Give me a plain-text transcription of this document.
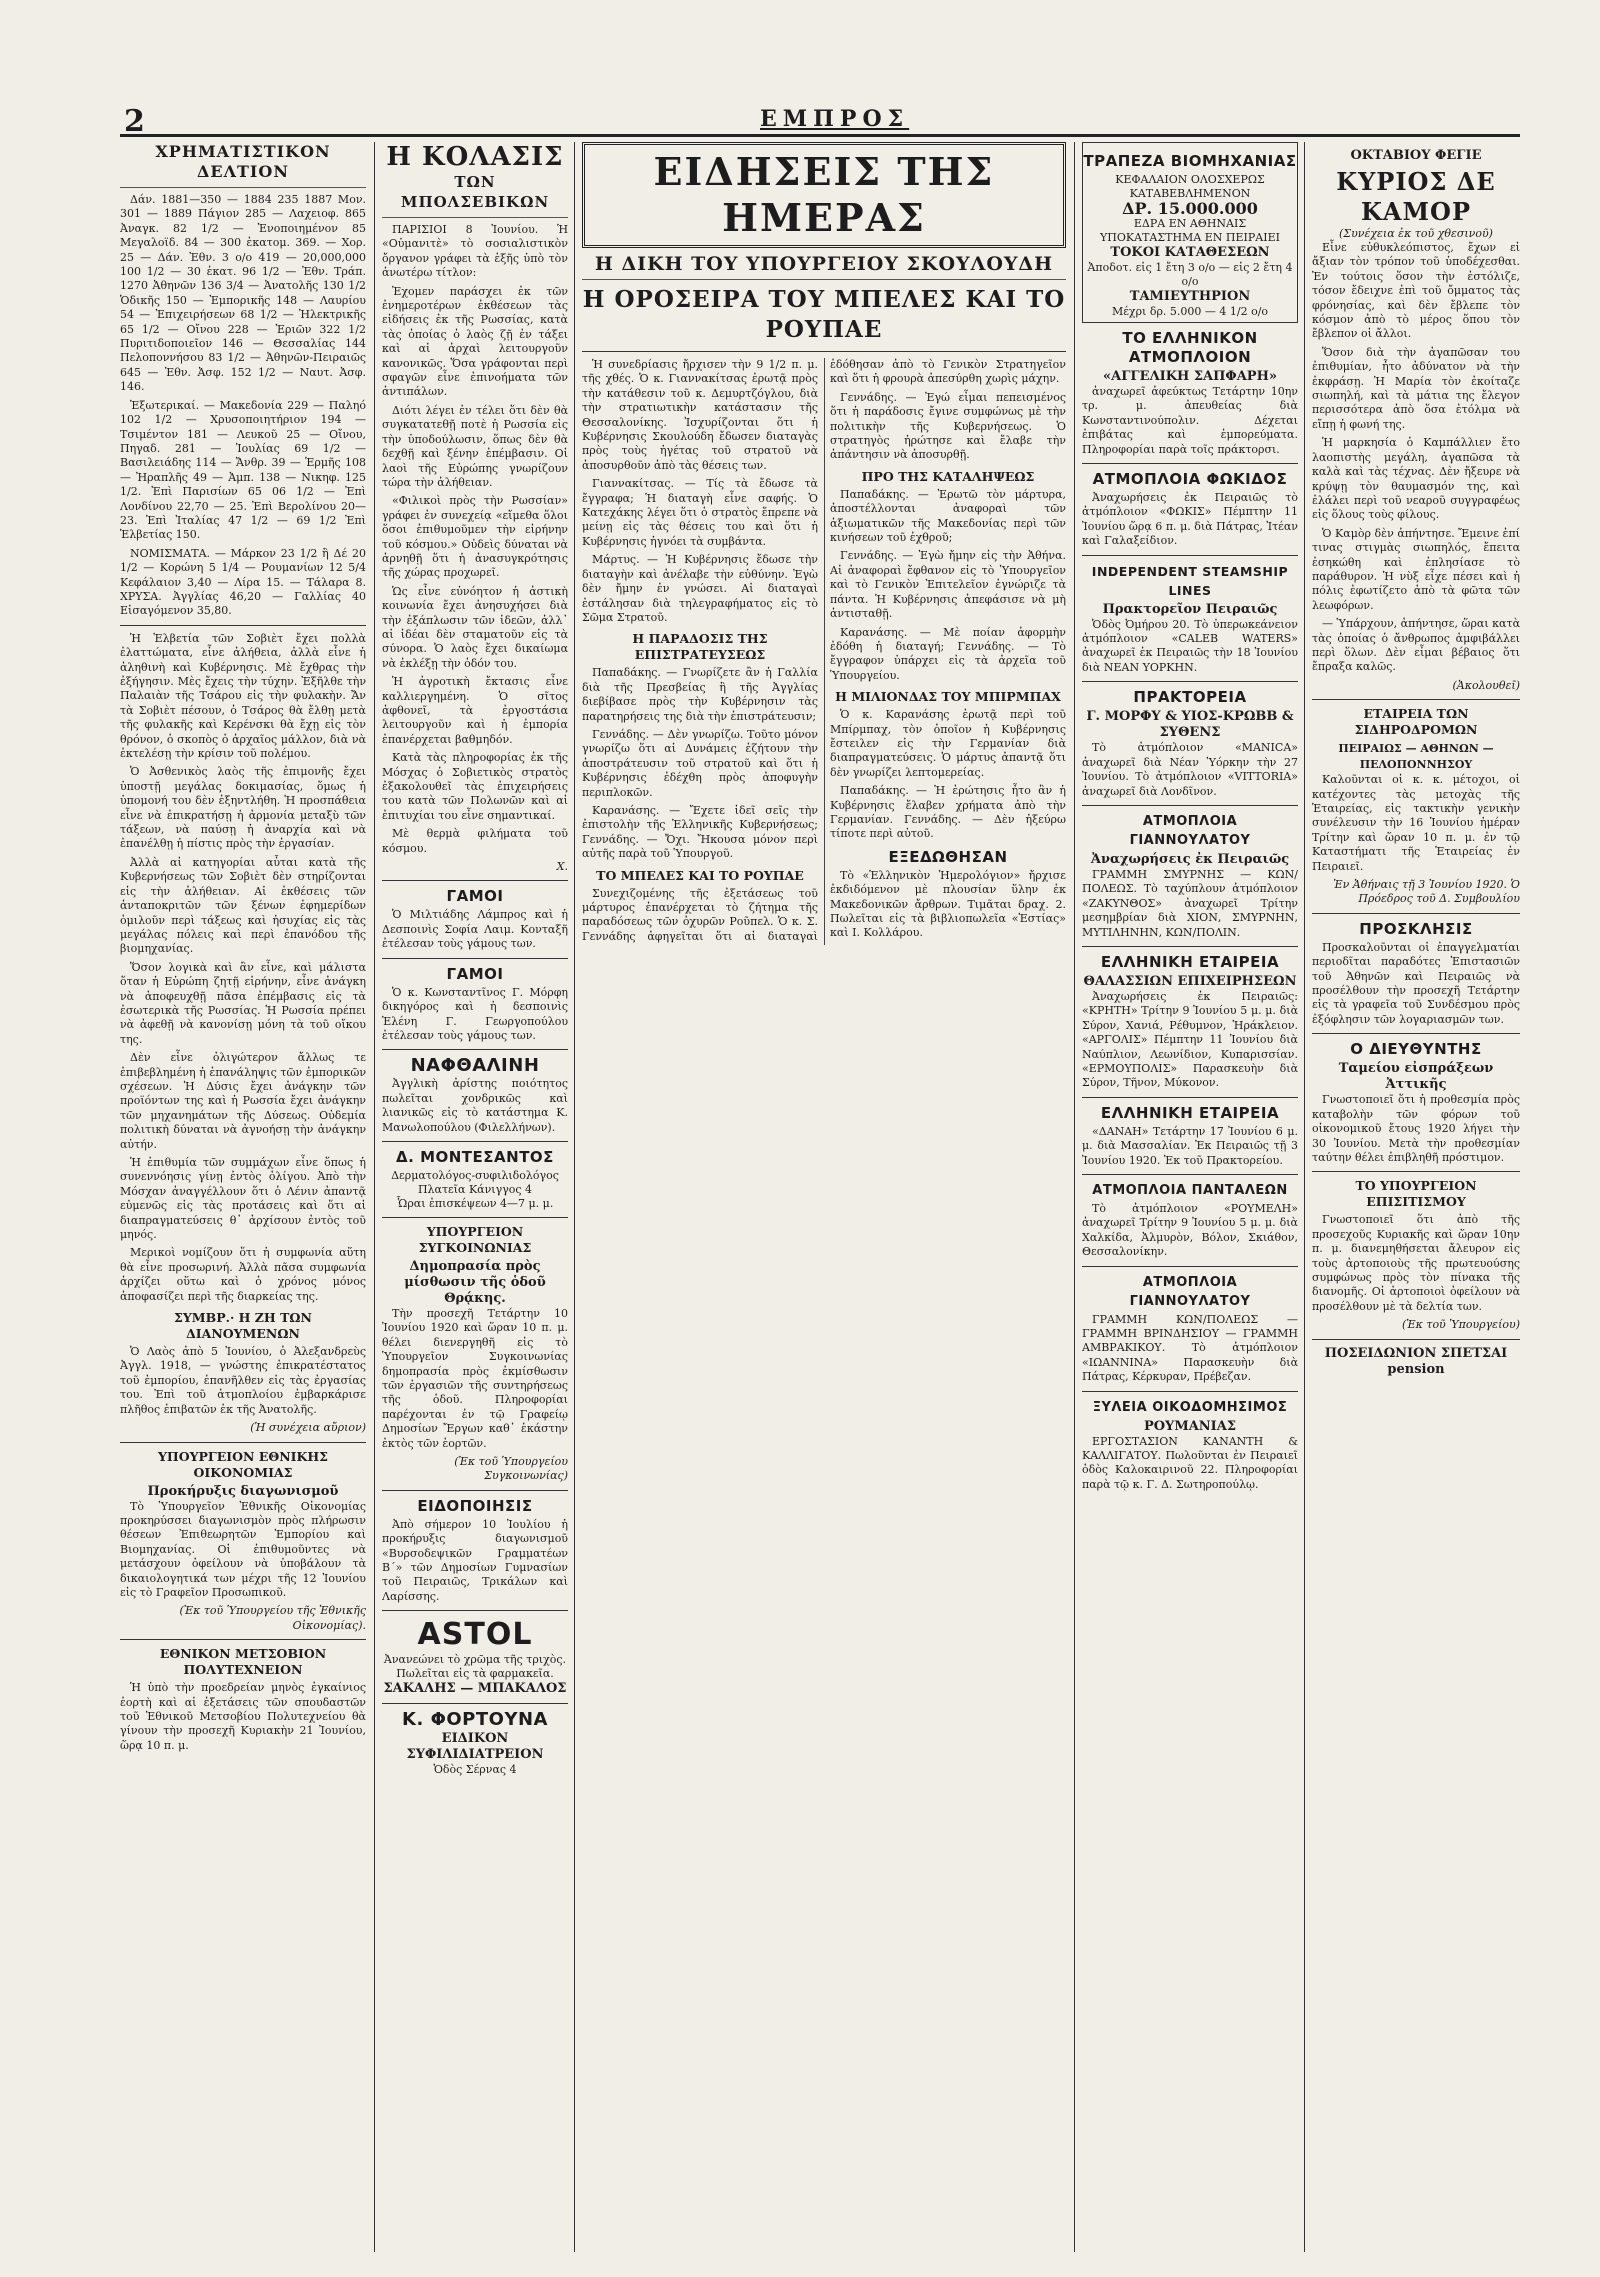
2	ΕΜΠΡΟΣ
ΧΡΗΜΑΤΙΣΤΙΚΟΝ ΔΕΛΤΙΟΝ

Δάν. 1881—350 — 1884 235 1887 Μον. 301 — 1889 Πάγιον 285 — Λαχειοφ. 865 Ἀναγκ. 82 1/2 — Ἑνοποιημένον 85 Μεγαλοϊδ. 84 — 300 ἐκατομ. 369. — Χορ. 25 — Δάν. Ἐθν. 3 ο/ο 419 — 20,000,000 100 1/2 — 30 ἐκατ. 96 1/2 — Ἐθν. Τράπ. 1270 Ἀθηνῶν 136 3/4 — Ἀνατολῆς 130 1/2 Ὁδικῆς 150 — Ἐμπορικῆς 148 — Λαυρίου 54 — Ἐπιχειρήσεων 68 1/2 — Ἠλεκτρικῆς 65 1/2 — Οἴνου 228 — Ἐριῶν 322 1/2 Πυριτιδοποιεῖον 146 — Θεσσαλίας 144 Πελοποννήσου 83 1/2 — Ἀθηνῶν-Πειραιῶς 645 — Ἐθν. Ἀσφ. 152 1/2 — Ναυτ. Ἀσφ. 146.

Ἐξωτερικαί. — Μακεδονία 229 — Παληό 102 1/2 — Χρυσοποιητήριον 194 — Τσιμέντον 181 — Λευκοῦ 25 — Οἴνου, Πηγαδ. 281 — Ἰουλίας 69 1/2 — Βασιλειάδης 114 — Ἄνθρ. 39 — Ἑρμῆς 108 — Ἠραπλῆς 49 — Ἀμπ. 138 — Νικηφ. 125 1/2. Ἐπὶ Παρισίων 65 06 1/2 — Ἐπὶ Λονδίνου 22,70 — 25. Ἐπὶ Βερολίνου 20—23. Ἐπὶ Ἰταλίας 47 1/2 — 69 1/2 Ἐπὶ Ἑλβετίας 150.

ΝΟΜΙΣΜΑΤΑ. — Μάρκον 23 1/2 ἢ Δέ 20 1/2 — Κορώνη 5 1/4 — Ρουμανίων 12 5/4 Κεφάλαιον 3,40 — Λίρα 15. — Τάλαρα 8. ΧΡΥΣΑ. Ἀγγλίας 46,20 — Γαλλίας 40 Εἰσαγόμενον 35,80.

Ἡ Ἑλβετία τῶν Σοβιὲτ ἔχει πολλὰ ἐλαττώματα, εἶνε ἀλήθεια, ἀλλὰ εἶνε ἡ ἀληθινὴ καὶ Κυβέρνησις. Μὲ ἔχθρας τὴν ἐξήγησιν. Μὲς ἔχεις τὴν τύχην. Ἐξῆλθε τὴν Παλαιὰν τῆς Τσάρου εἰς τὴν φυλακὴν. Ἄν τὰ Σοβιὲτ πέσουν, ὁ Τσάρος θὰ ἔλθῃ μετὰ τῆς φυλακῆς καὶ Κερένσκι θὰ ἔχῃ εἰς τὸν θρόνον, ὁ σκοπὸς ὁ ἀρχαῖος μάλλον, διὰ νὰ ἐκτελέσῃ τὴν κρίσιν τοῦ πολέμου.

Ὁ Ἀσθενικὸς λαὸς τῆς ἐπιμονῆς ἔχει ὑποστῇ μεγάλας δοκιμασίας, ὅμως ἡ ὑπομονή του δὲν ἐξηντλήθη. Ἡ προσπάθεια εἶνε νὰ ἐπικρατήσῃ ἡ ἀρμονία μεταξὺ τῶν τάξεων, νὰ παύσῃ ἡ ἀναρχία καὶ νὰ ἐπανέλθῃ ἡ πίστις πρὸς τὴν ἐργασίαν.

Ἀλλὰ αἱ κατηγορίαι αὗται κατὰ τῆς Κυβερνήσεως τῶν Σοβιὲτ δὲν στηρίζονται εἰς τὴν ἀλήθειαν. Αἱ ἐκθέσεις τῶν ἀνταποκριτῶν τῶν ξένων ἐφημερίδων ὁμιλοῦν περὶ τάξεως καὶ ἡσυχίας εἰς τὰς μεγάλας πόλεις καὶ περὶ ἐπανόδου τῆς βιομηχανίας.

Ὅσον λογικὰ καὶ ἂν εἶνε, καὶ μάλιστα ὅταν ἡ Εὐρώπη ζητῇ εἰρήνην, εἶνε ἀνάγκη νὰ ἀποφευχθῇ πᾶσα ἐπέμβασις εἰς τὰ ἐσωτερικὰ τῆς Ρωσσίας. Ἡ Ρωσσία πρέπει νὰ ἀφεθῇ νὰ κανονίσῃ μόνη τὰ τοῦ οἴκου της.

Δὲν εἶνε ὀλιγώτερον ἄλλως τε ἐπιβεβλημένη ἡ ἐπανάληψις τῶν ἐμπορικῶν σχέσεων. Ἡ Δύσις ἔχει ἀνάγκην τῶν προϊόντων της καὶ ἡ Ρωσσία ἔχει ἀνάγκην τῶν μηχανημάτων τῆς Δύσεως. Οὐδεμία πολιτικὴ δύναται νὰ ἀγνοήσῃ τὴν ἀνάγκην αὐτήν.

Ἡ ἐπιθυμία τῶν συμμάχων εἶνε ὅπως ἡ συνεννόησις γίνῃ ἐντὸς ὀλίγου. Ἀπὸ τὴν Μόσχαν ἀναγγέλλουν ὅτι ὁ Λένιν ἀπαντᾷ εὐμενῶς εἰς τὰς προτάσεις καὶ ὅτι αἱ διαπραγματεύσεις θ᾿ ἀρχίσουν ἐντὸς τοῦ μηνός.

Μερικοὶ νομίζουν ὅτι ἡ συμφωνία αὕτη θὰ εἶνε προσωρινή. Ἀλλὰ πᾶσα συμφωνία ἀρχίζει οὕτω καὶ ὁ χρόνος μόνος ἀποφασίζει περὶ τῆς διαρκείας της.

ΣΥΜΒΡ.· Η ΖΗ ΤΩΝ ΔΙΑΝΟΥΜΕΝΩΝ

Ὁ Λαὸς ἀπὸ 5 Ἰουνίου, ὁ Ἀλεξανδρεὺς Ἀγγλ. 1918, — γνώστης ἐπικρατέστατος τοῦ ἐμπορίου, ἐπανῆλθεν εἰς τὰς ἐργασίας του. Ἐπὶ τοῦ ἀτμοπλοίου ἐμβαρκάρισε πλῆθος ἐπιβατῶν ἐκ τῆς Ἀνατολῆς.

(Ἡ συνέχεια αὔριον)

ΥΠΟΥΡΓΕΙΟΝ ΕΘΝΙΚΗΣ ΟΙΚΟΝΟΜΙΑΣ

Προκήρυξις διαγωνισμοῦ

Τὸ Ὑπουργεῖον Ἐθνικῆς Οἰκονομίας προκηρύσσει διαγωνισμὸν πρὸς πλήρωσιν θέσεων Ἐπιθεωρητῶν Ἐμπορίου καὶ Βιομηχανίας. Οἱ ἐπιθυμοῦντες νὰ μετάσχουν ὀφείλουν νὰ ὑποβάλουν τὰ δικαιολογητικά των μέχρι τῆς 12 Ἰουνίου εἰς τὸ Γραφεῖον Προσωπικοῦ.

(Ἐκ τοῦ Ὑπουργείου τῆς Ἐθνικῆς Οἰκονομίας).

ΕΘΝΙΚΟΝ ΜΕΤΣΟΒΙΟΝ ΠΟΛΥΤΕΧΝΕΙΟΝ

Ἡ ὑπὸ τὴν προεδρείαν μηνὸς ἐγκαίνιος ἐορτὴ καὶ αἱ ἐξετάσεις τῶν σπουδαστῶν τοῦ Ἐθνικοῦ Μετσοβίου Πολυτεχνείου θὰ γίνουν τὴν προσεχῆ Κυριακὴν 21 Ἰουνίου, ὥρᾳ 10 π. μ.

Η ΚΟΛΑΣΙΣ
ΤΩΝ ΜΠΟΛΣΕΒΙΚΩΝ

ΠΑΡΙΣΙΟΙ 8 Ἰουνίου. Ἡ «Οὐμανιτὲ» τὸ σοσιαλιστικὸν ὄργανον γράφει τὰ ἑξῆς ὑπὸ τὸν ἀνωτέρω τίτλον:

Ἐχομεν παράσχει ἐκ τῶν ἐνημεροτέρων ἐκθέσεων τὰς εἰδήσεις ἐκ τῆς Ρωσσίας, κατὰ τὰς ὁποίας ὁ λαὸς ζῇ ἐν τάξει καὶ αἱ ἀρχαὶ λειτουργοῦν κανονικῶς. Ὅσα γράφονται περὶ σφαγῶν εἶνε ἐπινοήματα τῶν ἀντιπάλων.

Διότι λέγει ἐν τέλει ὅτι δὲν θὰ συγκατατεθῇ ποτὲ ἡ Ρωσσία εἰς τὴν ὑποδούλωσιν, ὅπως δὲν θὰ δεχθῇ καὶ ξένην ἐπέμβασιν. Οἱ λαοὶ τῆς Εὐρώπης γνωρίζουν τώρα τὴν ἀλήθειαν.

«Φιλικοὶ πρὸς τὴν Ρωσσίαν» γράφει ἐν συνεχείᾳ «εἴμεθα ὅλοι ὅσοι ἐπιθυμοῦμεν τὴν εἰρήνην τοῦ κόσμου.» Οὐδεὶς δύναται νὰ ἀρνηθῇ ὅτι ἡ ἀνασυγκρότησις τῆς χώρας προχωρεῖ.

Ὡς εἶνε εὐνόητον ἡ ἀστικὴ κοινωνία ἔχει ἀνησυχήσει διὰ τὴν ἐξάπλωσιν τῶν ἰδεῶν, ἀλλ᾿ αἱ ἰδέαι δὲν σταματοῦν εἰς τὰ σύνορα. Ὁ λαὸς ἔχει δικαίωμα νὰ ἐκλέξῃ τὴν ὁδόν του.

Ἡ ἀγροτικὴ ἔκτασις εἶνε καλλιεργημένη. Ὁ σῖτος ἀφθονεῖ, τὰ ἐργοστάσια λειτουργοῦν καὶ ἡ ἐμπορία ἐπανέρχεται βαθμηδόν.

Κατὰ τὰς πληροφορίας ἐκ τῆς Μόσχας ὁ Σοβιετικὸς στρατὸς ἐξακολουθεῖ τὰς ἐπιχειρήσεις του κατὰ τῶν Πολωνῶν καὶ αἱ ἐπιτυχίαι του εἶνε σημαντικαί.

Μὲ θερμὰ φιλήματα τοῦ κόσμου.

Χ.

ΓΑΜΟΙ

Ὁ Μιλτιάδης Λάμπρος καὶ ἡ Δεσποινὶς Σοφία Λαιμ. Κονταξῆ ἐτέλεσαν τοὺς γάμους των.

ΓΑΜΟΙ

Ὁ κ. Κωνσταντῖνος Γ. Μόρφη δικηγόρος καὶ ἡ δεσποινὶς Ἑλένη Γ. Γεωργοπούλου ἐτέλεσαν τοὺς γάμους των.

ΝΑΦΘΑΛΙΝΗ

Ἀγγλικὴ ἀρίστης ποιότητος πωλεῖται χονδρικῶς καὶ λιανικῶς εἰς τὸ κατάστημα Κ. Μανωλοπούλου (Φιλελλήνων).

Δ. ΜΟΝΤΕΣΑΝΤΟΣ

Δερματολόγος-συφιλιδολόγος

Πλατεῖα Κάνιγγος 4

Ὧραι ἐπισκέψεων 4—7 μ. μ.

ΥΠΟΥΡΓΕΙΟΝ ΣΥΓΚΟΙΝΩΝΙΑΣ

Δημοπρασία πρὸς μίσθωσιν τῆς ὁδοῦ Θρᾴκης.

Τὴν προσεχῆ Τετάρτην 10 Ἰουνίου 1920 καὶ ὥραν 10 π. μ. θέλει διενεργηθῆ εἰς τὸ Ὑπουργεῖον Συγκοινωνίας δημοπρασία πρὸς ἐκμίσθωσιν τῶν ἐργασιῶν τῆς συντηρήσεως τῆς ὁδοῦ. Πληροφορίαι παρέχονται ἐν τῷ Γραφείῳ Δημοσίων Ἔργων καθ᾿ ἑκάστην ἐκτὸς τῶν ἑορτῶν.

(Ἐκ τοῦ Ὑπουργείου Συγκοινωνίας)

ΕΙΔΟΠΟΙΗΣΙΣ

Ἀπὸ σήμερον 10 Ἰουλίου ἡ προκήρυξις διαγωνισμοῦ «Βυρσοδεψικῶν Γραμματέων Β΄» τῶν Δημοσίων Γυμνασίων τοῦ Πειραιῶς, Τρικάλων καὶ Λαρίσσης.

ASTOL

Ἀνανεώνει τὸ χρῶμα τῆς τριχὸς.

Πωλεῖται εἰς τὰ φαρμακεῖα.

ΣΑΚΑΛΗΣ — ΜΠΑΚΑΛΟΣ

Κ. ΦΟΡΤΟΥΝΑ

ΕΙΔΙΚΟΝ ΣΥΦΙΛΙΔΙΑΤΡΕΙΟΝ

Ὁδὸς Σέρνας 4

ΕΙΔΗΣΕΙΣ ΤΗΣ ΗΜΕΡΑΣ
Η ΔΙΚΗ ΤΟΥ ΥΠΟΥΡΓΕΙΟΥ ΣΚΟΥΛΟΥΔΗ
Η ΟΡΟΣΕΙΡΑ ΤΟΥ ΜΠΕΛΕΣ ΚΑΙ ΤΟ ΡΟΥΠΑΕ

Ἡ συνεδρίασις ἤρχισεν τὴν 9 1/2 π. μ. τῆς χθές. Ὁ κ. Γιαννακίτσας ἐρωτᾷ πρὸς τὴν κατάθεσιν τοῦ κ. Δεμυρτζόγλου, διὰ τὴν στρατιωτικὴν κατάστασιν τῆς Θεσσαλονίκης. Ἰσχυρίζονται ὅτι ἡ Κυβέρνησις Σκουλούδη ἔδωσεν διαταγὰς πρὸς τοὺς ἡγέτας τοῦ στρατοῦ νὰ ἀποσυρθοῦν ἀπὸ τὰς θέσεις των.

Γιαννακίτσας. — Τίς τὰ ἔδωσε τὰ ἔγγραφα; Ἡ διαταγὴ εἶνε σαφής. Ὁ Κατεχάκης λέγει ὅτι ὁ στρατὸς ἔπρεπε νὰ μείνῃ εἰς τὰς θέσεις του καὶ ὅτι ἡ Κυβέρνησις ἠγνόει τὰ συμβάντα.

Μάρτυς. — Ἡ Κυβέρνησις ἔδωσε τὴν διαταγὴν καὶ ἀνέλαβε τὴν εὐθύνην. Ἐγὼ δὲν ἤμην ἐν γνώσει. Αἱ διαταγαὶ ἐστάλησαν διὰ τηλεγραφήματος εἰς τὸ Σῶμα Στρατοῦ.

Η ΠΑΡΑΔΟΣΙΣ ΤΗΣ ΕΠΙΣΤΡΑΤΕΥΣΕΩΣ

Παπαδάκης. — Γνωρίζετε ἂν ἡ Γαλλία διὰ τῆς Πρεσβείας ἢ τῆς Ἀγγλίας διεβίβασε πρὸς τὴν Κυβέρνησιν τὰς παρατηρήσεις της διὰ τὴν ἐπιστράτευσιν;

Γεννάδης. — Δὲν γνωρίζω. Τοῦτο μόνον γνωρίζω ὅτι αἱ Δυνάμεις ἐζήτουν τὴν ἀποστράτευσιν τοῦ στρατοῦ καὶ ὅτι ἡ Κυβέρνησις ἐδέχθη πρὸς ἀποφυγὴν περιπλοκῶν.

Καρανάσης. — Ἔχετε ἰδεῖ σεῖς τὴν ἐπιστολὴν τῆς Ἑλληνικῆς Κυβερνήσεως; Γεννάδης. — Ὄχι. Ἤκουσα μόνον περὶ αὐτῆς παρὰ τοῦ Ὑπουργοῦ.

ΤΟ ΜΠΕΛΕΣ ΚΑΙ ΤΟ ΡΟΥΠΑΕ

Συνεχιζομένης τῆς ἐξετάσεως τοῦ μάρτυρος ἐπανέρχεται τὸ ζήτημα τῆς παραδόσεως τῶν ὀχυρῶν Ροῦπελ. Ὁ κ. Σ. Γεννάδης ἀφηγεῖται ὅτι αἱ διαταγαὶ ἐδόθησαν ἀπὸ τὸ Γενικὸν Στρατηγεῖον καὶ ὅτι ἡ φρουρὰ ἀπεσύρθη χωρὶς μάχην.

Γεννάδης. — Ἐγώ εἶμαι πεπεισμένος ὅτι ἡ παράδοσις ἔγινε συμφώνως μὲ τὴν πολιτικὴν τῆς Κυβερνήσεως. Ὁ στρατηγὸς ἠρώτησε καὶ ἔλαβε τὴν ἀπάντησιν νὰ ἀποσυρθῇ.

ΠΡΟ ΤΗΣ ΚΑΤΑΛΗΨΕΩΣ

Παπαδάκης. — Ἐρωτῶ τὸν μάρτυρα, ἀποστέλλονται ἀναφοραὶ τῶν ἀξιωματικῶν τῆς Μακεδονίας περὶ τῶν κινήσεων τοῦ ἐχθροῦ;

Γεννάδης. — Ἐγὼ ἤμην εἰς τὴν Ἀθήνα. Αἱ ἀναφοραὶ ἔφθανον εἰς τὸ Ὑπουργεῖον καὶ τὸ Γενικὸν Ἐπιτελεῖον ἐγνώριζε τὰ πάντα. Ἡ Κυβέρνησις ἀπεφάσισε νὰ μὴ ἀντισταθῇ.

Καρανάσης. — Μὲ ποίαν ἀφορμὴν ἐδόθη ἡ διαταγή; Γεννάδης. — Τὸ ἔγγραφον ὑπάρχει εἰς τὰ ἀρχεῖα τοῦ Ὑπουργείου.

Η ΜΙΛΙΟΝΔΑΣ ΤΟΥ ΜΠΙΡΜΠΑΧ

Ὁ κ. Καρανάσης ἐρωτᾷ περὶ τοῦ Μπίρμπαχ, τὸν ὁποῖον ἡ Κυβέρνησις ἔστειλεν εἰς τὴν Γερμανίαν διὰ διαπραγματεύσεις. Ὁ μάρτυς ἀπαντᾷ ὅτι δὲν γνωρίζει λεπτομερείας.

Παπαδάκης. — Ἡ ἐρώτησις ἦτο ἂν ἡ Κυβέρνησις ἔλαβεν χρήματα ἀπὸ τὴν Γερμανίαν. Γεννάδης. — Δὲν ἠξεύρω τίποτε περὶ αὐτοῦ.

ΕΞΕΔΩΘΗΣΑΝ

Τὸ «Ἑλληνικὸν Ἡμερολόγιον» ἤρχισε ἐκδιδόμενον μὲ πλουσίαν ὕλην ἐκ Μακεδονικῶν ἄρθρων. Τιμᾶται δραχ. 2. Πωλεῖται εἰς τὰ βιβλιοπωλεῖα «Ἑστίας» καὶ Ι. Κολλάρου.

ΤΡΑΠΕΖΑ ΒΙΟΜΗΧΑΝΙΑΣ

ΚΕΦΑΛΑΙΟΝ ΟΛΟΣΧΕΡΩΣ ΚΑΤΑΒΕΒΛΗΜΕΝΟΝ

ΔΡ. 15.000.000

ΕΔΡΑ ΕΝ ΑΘΗΝΑΙΣ

ΥΠΟΚΑΤΑΣΤΗΜΑ ΕΝ ΠΕΙΡΑΙΕΙ

ΤΟΚΟΙ ΚΑΤΑΘΕΣΕΩΝ

Ἀποδοτ. εἰς 1 ἔτη 3 ο/ο — εἰς 2 ἔτη 4 ο/ο

ΤΑΜΙΕΥΤΗΡΙΟΝ

Μέχρι δρ. 5.000 — 4 1/2 ο/ο

ΤΟ ΕΛΛΗΝΙΚΟΝ ΑΤΜΟΠΛΟΙΟΝ

«ΑΓΓΕΛΙΚΗ ΣΑΠΦΑΡΗ»

ἀναχωρεῖ ἀφεύκτως Τετάρτην 10ην τρ. μ. ἀπευθείας διὰ Κωνσταντινούπολιν. Δέχεται ἐπιβάτας καὶ ἐμπορεύματα. Πληροφορίαι παρὰ τοῖς πράκτορσι.

ΑΤΜΟΠΛΟΙΑ ΦΩΚΙΔΟΣ

Ἀναχωρήσεις ἐκ Πειραιῶς τὸ ἀτμόπλοιον «ΦΩΚΙΣ» Πέμπτην 11 Ἰουνίου ὥρᾳ 6 π. μ. διὰ Πάτρας, Ἰτέαν καὶ Γαλαξείδιον.

INDEPENDENT STEAMSHIP LINES

Πρακτορεῖον Πειραιῶς

Ὁδὸς Ὀμήρου 20. Τὸ ὑπερωκεάνειον ἀτμόπλοιον «CALEB WATERS» ἀναχωρεῖ ἐκ Πειραιῶς τὴν 18 Ἰουνίου διὰ ΝΕΑΝ ΥΟΡΚΗΝ.

ΠΡΑΚΤΟΡΕΙΑ

Γ. ΜΟΡΦΥ & ΥΙΟΣ-ΚΡΩΒΒ & ΣΥΘΕΝΣ

Τὸ ἀτμόπλοιον «MANICA» ἀναχωρεῖ διὰ Νέαν Ὑόρκην τὴν 27 Ἰουνίου. Τὸ ἀτμόπλοιον «VITTORIA» ἀναχωρεῖ διὰ Λονδῖνον.

ΑΤΜΟΠΛΟΙΑ ΓΙΑΝΝΟΥΛΑΤΟΥ

Ἀναχωρήσεις ἐκ Πειραιῶς

ΓΡΑΜΜΗ ΣΜΥΡΝΗΣ — ΚΩΝ/ΠΟΛΕΩΣ. Τὸ ταχύπλουν ἀτμόπλοιον «ΖΑΚΥΝΘΟΣ» ἀναχωρεῖ Τρίτην μεσημβρίαν διὰ ΧΙΟΝ, ΣΜΥΡΝΗΝ, ΜΥΤΙΛΗΝΗΝ, ΚΩΝ/ΠΟΛΙΝ.

ΕΛΛΗΝΙΚΗ ΕΤΑΙΡΕΙΑ

ΘΑΛΑΣΣΙΩΝ ΕΠΙΧΕΙΡΗΣΕΩΝ

Ἀναχωρήσεις ἐκ Πειραιῶς: «ΚΡΗΤΗ» Τρίτην 9 Ἰουνίου 5 μ. μ. διὰ Σύρον, Χανιά, Ρέθυμνον, Ἡράκλειον. «ΑΡΓΟΛΙΣ» Πέμπτην 11 Ἰουνίου διὰ Ναύπλιον, Λεωνίδιον, Κυπαρισσίαν. «ΕΡΜΟΥΠΟΛΙΣ» Παρασκευὴν διὰ Σύρον, Τῆνον, Μύκονον.

ΕΛΛΗΝΙΚΗ ΕΤΑΙΡΕΙΑ

«ΔΑΝΑΗ» Τετάρτην 17 Ἰουνίου 6 μ. μ. διὰ Μασσαλίαν. Ἐκ Πειραιῶς τῇ 3 Ἰουνίου 1920. Ἐκ τοῦ Πρακτορείου.

ΑΤΜΟΠΛΟΙΑ ΠΑΝΤΑΛΕΩΝ

Τὸ ἀτμόπλοιον «ΡΟΥΜΕΛΗ» ἀναχωρεῖ Τρίτην 9 Ἰουνίου 5 μ. μ. διὰ Χαλκίδα, Ἀλμυρὸν, Βόλον, Σκιάθον, Θεσσαλονίκην.

ΑΤΜΟΠΛΟΙΑ ΓΙΑΝΝΟΥΛΑΤΟΥ

ΓΡΑΜΜΗ ΚΩΝ/ΠΟΛΕΩΣ — ΓΡΑΜΜΗ ΒΡΙΝΔΗΣΙΟΥ — ΓΡΑΜΜΗ ΑΜΒΡΑΚΙΚΟΥ. Τὸ ἀτμόπλοιον «ΙΩΑΝΝΙΝΑ» Παρασκευὴν διὰ Πάτρας, Κέρκυραν, Πρέβεζαν.

ΞΥΛΕΙΑ ΟΙΚΟΔΟΜΗΣΙΜΟΣ

ΡΟΥΜΑΝΙΑΣ

ΕΡΓΟΣΤΑΣΙΟΝ ΚΑΝΑΝΤΗ & ΚΑΛΛΙΓΑΤΟΥ. Πωλοῦνται ἐν Πειραιεῖ ὁδὸς Καλοκαιρινοῦ 22. Πληροφορίαι παρὰ τῷ κ. Γ. Δ. Σωτηροπούλῳ.

ΟΚΤΑΒΙΟΥ ΦΕΓΙΕ
ΚΥΡΙΟΣ ΔΕ ΚΑΜΟΡ

(Συνέχεια ἐκ τοῦ χθεσινοῦ)

Εἶνε εὐθυκλεόπιστος, ἔχων εἰ ἄξιαν τὸν τρόπον τοῦ ὑποδέχεσθαι. Ἐν τούτοις ὅσον τὴν ἐστόλιζε, τόσον ἔδειχνε ἐπὶ τοῦ ὄμματος τὰς φρόνησίας, καὶ δὲν ἔβλεπε τὸν κόσμον ἀπὸ τὸ μέρος ὅπου τὸν ἔβλεπον οἱ ἄλλοι.

Ὅσον διὰ τὴν ἀγαπῶσαν του ἐπιθυμίαν, ἦτο ἀδύνατον νὰ τὴν ἐκφράσῃ. Ἡ Μαρία τὸν ἐκοίταζε σιωπηλή, καὶ τὰ μάτια της ἔλεγον περισσότερα ἀπὸ ὅσα ἐτόλμα νὰ εἴπῃ ἡ φωνή της.

Ἡ μαρκησία ὁ Καμπάλλιεν ἔτο λαοπιστὴς μεγάλη, ἀγαπῶσα τὰ καλὰ καὶ τὰς τέχνας. Δὲν ἤξευρε νὰ κρύψῃ τὸν θαυμασμόν της, καὶ ἐλάλει περὶ τοῦ νεαροῦ συγγραφέως εἰς ὅλους τοὺς φίλους.

Ὁ Καμὸρ δὲν ἀπήντησε. Ἔμεινε ἐπί τινας στιγμὰς σιωπηλός, ἔπειτα ἐσηκώθη καὶ ἐπλησίασε τὸ παράθυρον. Ἡ νὺξ εἶχε πέσει καὶ ἡ πόλις ἐφωτίζετο ἀπὸ τὰ φῶτα τῶν λεωφόρων.

— Ὑπάρχουν, ἀπήντησε, ὥραι κατὰ τὰς ὁποίας ὁ ἄνθρωπος ἀμφιβάλλει περὶ ὅλων. Δὲν εἶμαι βέβαιος ὅτι ἔπραξα καλῶς.

(Ἀκολουθεῖ)

ΕΤΑΙΡΕΙΑ ΤΩΝ ΣΙΔΗΡΟΔΡΟΜΩΝ

ΠΕΙΡΑΙΩΣ — ΑΘΗΝΩΝ — ΠΕΛΟΠΟΝΝΗΣΟΥ

Καλοῦνται οἱ κ. κ. μέτοχοι, οἱ κατέχοντες τὰς μετοχὰς τῆς Ἑταιρείας, εἰς τακτικὴν γενικὴν συνέλευσιν τὴν 16 Ἰουνίου ἡμέραν Τρίτην καὶ ὥραν 10 π. μ. ἐν τῷ Καταστήματι τῆς Ἑταιρείας ἐν Πειραιεῖ.

Ἐν Ἀθήναις τῇ 3 Ἰουνίου 1920. Ὁ Πρόεδρος τοῦ Δ. Συμβουλίου

ΠΡΟΣΚΛΗΣΙΣ

Προσκαλοῦνται οἱ ἐπαγγελματίαι περιοδῖται παραδότες Ἐπιστασιῶν τοῦ Ἀθηνῶν καὶ Πειραιῶς νὰ προσέλθουν τὴν προσεχῆ Τετάρτην εἰς τὰ γραφεῖα τοῦ Συνδέσμου πρὸς ἐξόφλησιν τῶν λογαριασμῶν των.

Ο ΔΙΕΥΘΥΝΤΗΣ

Ταμείου εἰσπράξεων Ἀττικῆς

Γνωστοποιεῖ ὅτι ἡ προθεσμία πρὸς καταβολὴν τῶν φόρων τοῦ οἰκονομικοῦ ἔτους 1920 λήγει τὴν 30 Ἰουνίου. Μετὰ τὴν προθεσμίαν ταύτην θέλει ἐπιβληθῆ πρόστιμον.

ΤΟ ΥΠΟΥΡΓΕΙΟΝ ΕΠΙΣΙΤΙΣΜΟΥ

Γνωστοποιεῖ ὅτι ἀπὸ τῆς προσεχοῦς Κυριακῆς καὶ ὥραν 10ην π. μ. διανεμηθήσεται ἄλευρον εἰς τοὺς ἀρτοποιοὺς τῆς πρωτευούσης συμφώνως πρὸς τὸν πίνακα τῆς διανομῆς. Οἱ ἀρτοποιοὶ ὀφείλουν νὰ προσέλθουν μὲ τὰ δελτία των.

(Ἐκ τοῦ Ὑπουργείου)

ΠΟΣΕΙΔΩΝΙΟΝ ΣΠΕΤΣΑΙ pension
